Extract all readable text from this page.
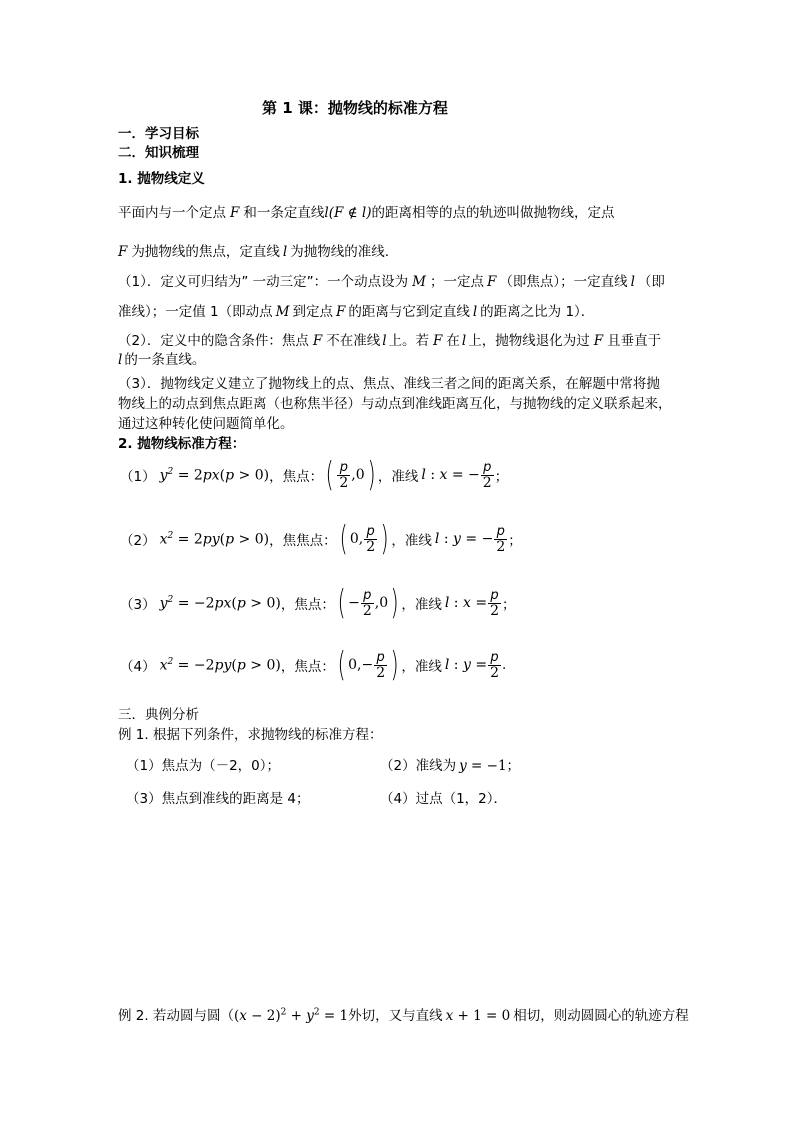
第 1 课：抛物线的标准方程
一．学习目标
二．知识梳理
1. 抛物线定义
平面内与一个定点 F 和一条定直线l(F ∉ l)的距离相等的点的轨迹叫做抛物线，定点
F 为抛物线的焦点，定直线 l 为抛物线的准线.
（1）．定义可归结为” 一动三定”：一个动点设为 M ；一定点 F （即焦点）；一定直线 l （即
准线）；一定值 1（即动点 M 到定点 F 的距离与它到定直线 l 的距离之比为 1）．
（2）．定义中的隐含条件：焦点 F 不在准线 l 上。若 F 在 l 上，抛物线退化为过 F 且垂直于
l 的一条直线。
（3）．抛物线定义建立了抛物线上的点、焦点、准线三者之间的距离关系，在解题中常将抛
物线上的动点到焦点距离（也称焦半径）与动点到准线距离互化，与抛物线的定义联系起来，
通过这种转化使问题简单化。
2. 抛物线标准方程：
（1） $y^2 = 2px(p > 0)$ ，焦点： ( $\frac{p}{2} ,0$ ) ，准线 l : x = − $\frac{p}{2}$ ；
（2） $x^2 = 2py(p > 0)$ ，焦焦点： ( 0, $\frac{p}{2}$ ) ，准线 l : y = − $\frac{p}{2}$ ；
（3） $y^2 = -2px(p > 0)$ ，焦点： ( − $\frac{p}{2} ,0$ ) ，准线 l : $x = \frac{p}{2}$ ；
（4） $x^2 = -2py(p > 0)$ ，焦点： ( $0,- \frac{p}{2}$ ) ，准线 l : $y = \frac{p}{2}$ .
三．典例分析
例 1. 根据下列条件，求抛物线的标准方程：
（1）焦点为（－2，0）；	（2）准线为 y = −1；
（3）焦点到准线的距离是 4；	（4）过点（1，2）．
例 2. 若动圆与圆（$(x - 2)^2 + y^2 = 1$外切，又与直线 x + 1 = 0 相切，则动圆圆心的轨迹方程
